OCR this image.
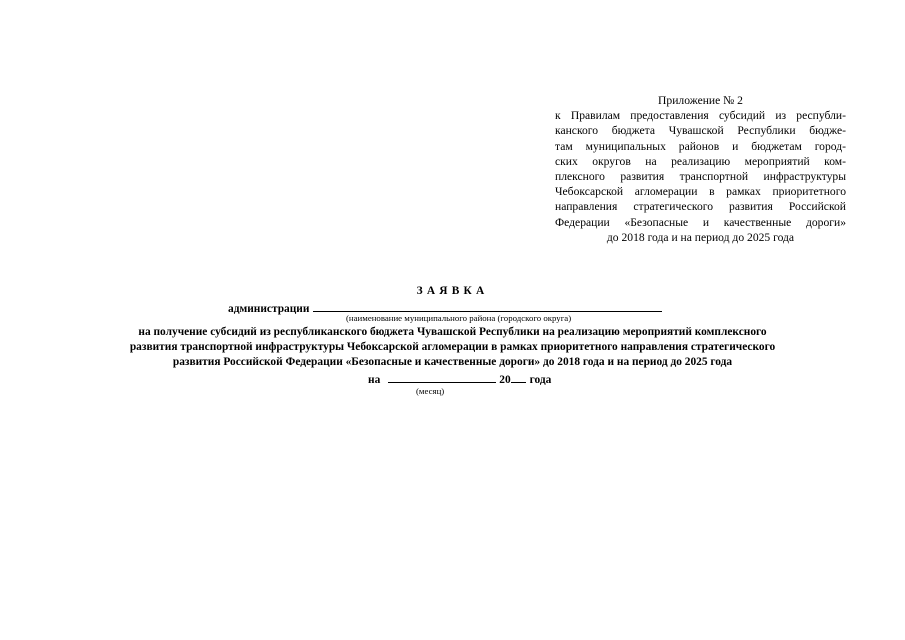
Приложение № 2
к Правилам предоставления субсидий из республи-
канского бюджета Чувашской Республики бюдже-
там муниципальных районов и бюджетам город-
ских округов на реализацию мероприятий ком-
плексного развития транспортной инфраструктуры
Чебоксарской агломерации в рамках приоритетного
направления стратегического развития Российской
Федерации «Безопасные и качественные дороги»
до 2018 года и на период до 2025 года
ЗАЯВКА
администрации
(наименование муниципального района (городского округа)
на получение субсидий из республиканского бюджета Чувашской Республики на реализацию мероприятий комплексного
развития транспортной инфраструктуры Чебоксарской агломерации в рамках приоритетного направления стратегического
развития Российской Федерации «Безопасные и качественные дороги» до 2018 года и на период до 2025 года
на	20 года
(месяц)
